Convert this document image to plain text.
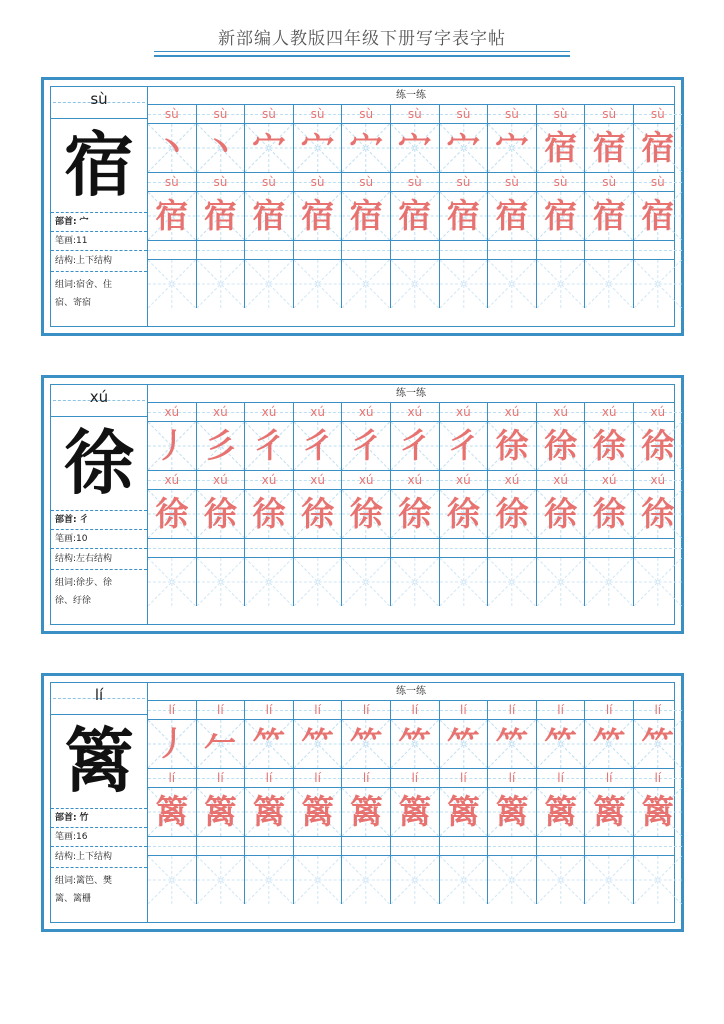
新部编人教版四年级下册写字表字帖
sù
宿
部首: 宀
笔画:11
结构:上下结构
组词:宿舍、住
宿、寄宿
练一练
sù	sù	sù	sù	sù	sù	sù	sù	sù	sù	sù
丶 丶 宀 宀 宀 宀 宀 宀 宿 宿 宿
sù	sù	sù	sù	sù	sù	sù	sù	sù	sù	sù
宿 宿 宿 宿 宿 宿 宿 宿 宿 宿 宿
xú
徐
部首: 彳
笔画:10
结构:左右结构
组词:徐步、徐
徐、纡徐
练一练
xú	xú	xú	xú	xú	xú	xú	xú	xú	xú	xú
丿 彡 彳 彳 彳 彳 彳 徐 徐 徐 徐
xú	xú	xú	xú	xú	xú	xú	xú	xú	xú	xú
徐 徐 徐 徐 徐 徐 徐 徐 徐 徐 徐
lí
篱
部首: 竹
笔画:16
结构:上下结构
组词:篱笆、樊
篱、篱栅
练一练
lí	lí	lí	lí	lí	lí	lí	lí	lí	lí	lí
丿 𠂉 ⺮ ⺮ ⺮ ⺮ ⺮ ⺮ ⺮ ⺮ ⺮
lí	lí	lí	lí	lí	lí	lí	lí	lí	lí	lí
篱 篱 篱 篱 篱 篱 篱 篱 篱 篱 篱
